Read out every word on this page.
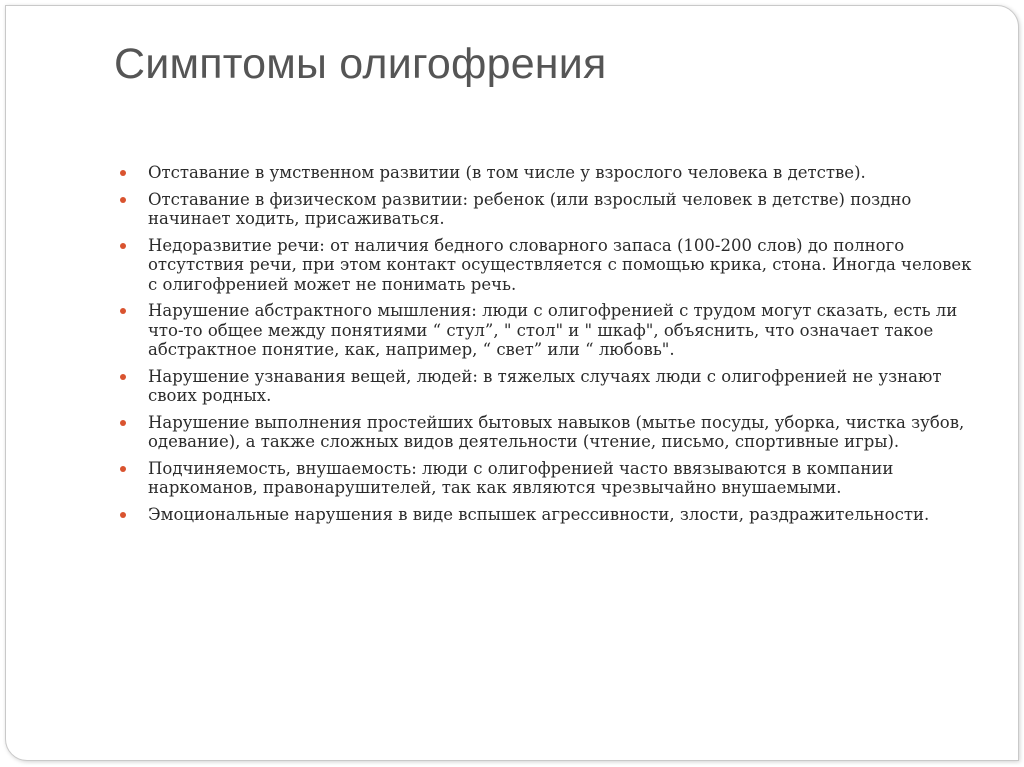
Симптомы олигофрения
Отставание в умственном развитии (в том числе у взрослого человека в детстве).
Отставание в физическом развитии: ребенок (или взрослый человек в детстве) поздно начинает ходить, присаживаться.
Недоразвитие речи: от наличия бедного словарного запаса (100-200 слов) до полного отсутствия речи, при этом контакт осуществляется с помощью крика, стона. Иногда человек с олигофренией может не понимать речь.
Нарушение абстрактного мышления: люди с олигофренией с трудом могут сказать, есть ли что-то общее между понятиями “ стул”, " стол" и " шкаф", объяснить, что означает такое абстрактное понятие, как, например, “ свет” или “ любовь".
Нарушение узнавания вещей, людей: в тяжелых случаях люди с олигофренией не узнают своих родных.
Нарушение выполнения простейших бытовых навыков (мытье посуды, уборка, чистка зубов, одевание), а также сложных видов деятельности (чтение, письмо, спортивные игры).
Подчиняемость, внушаемость: люди с олигофренией часто ввязываются в компании наркоманов, правонарушителей, так как являются чрезвычайно внушаемыми.
Эмоциональные нарушения в виде вспышек агрессивности, злости, раздражительности.
